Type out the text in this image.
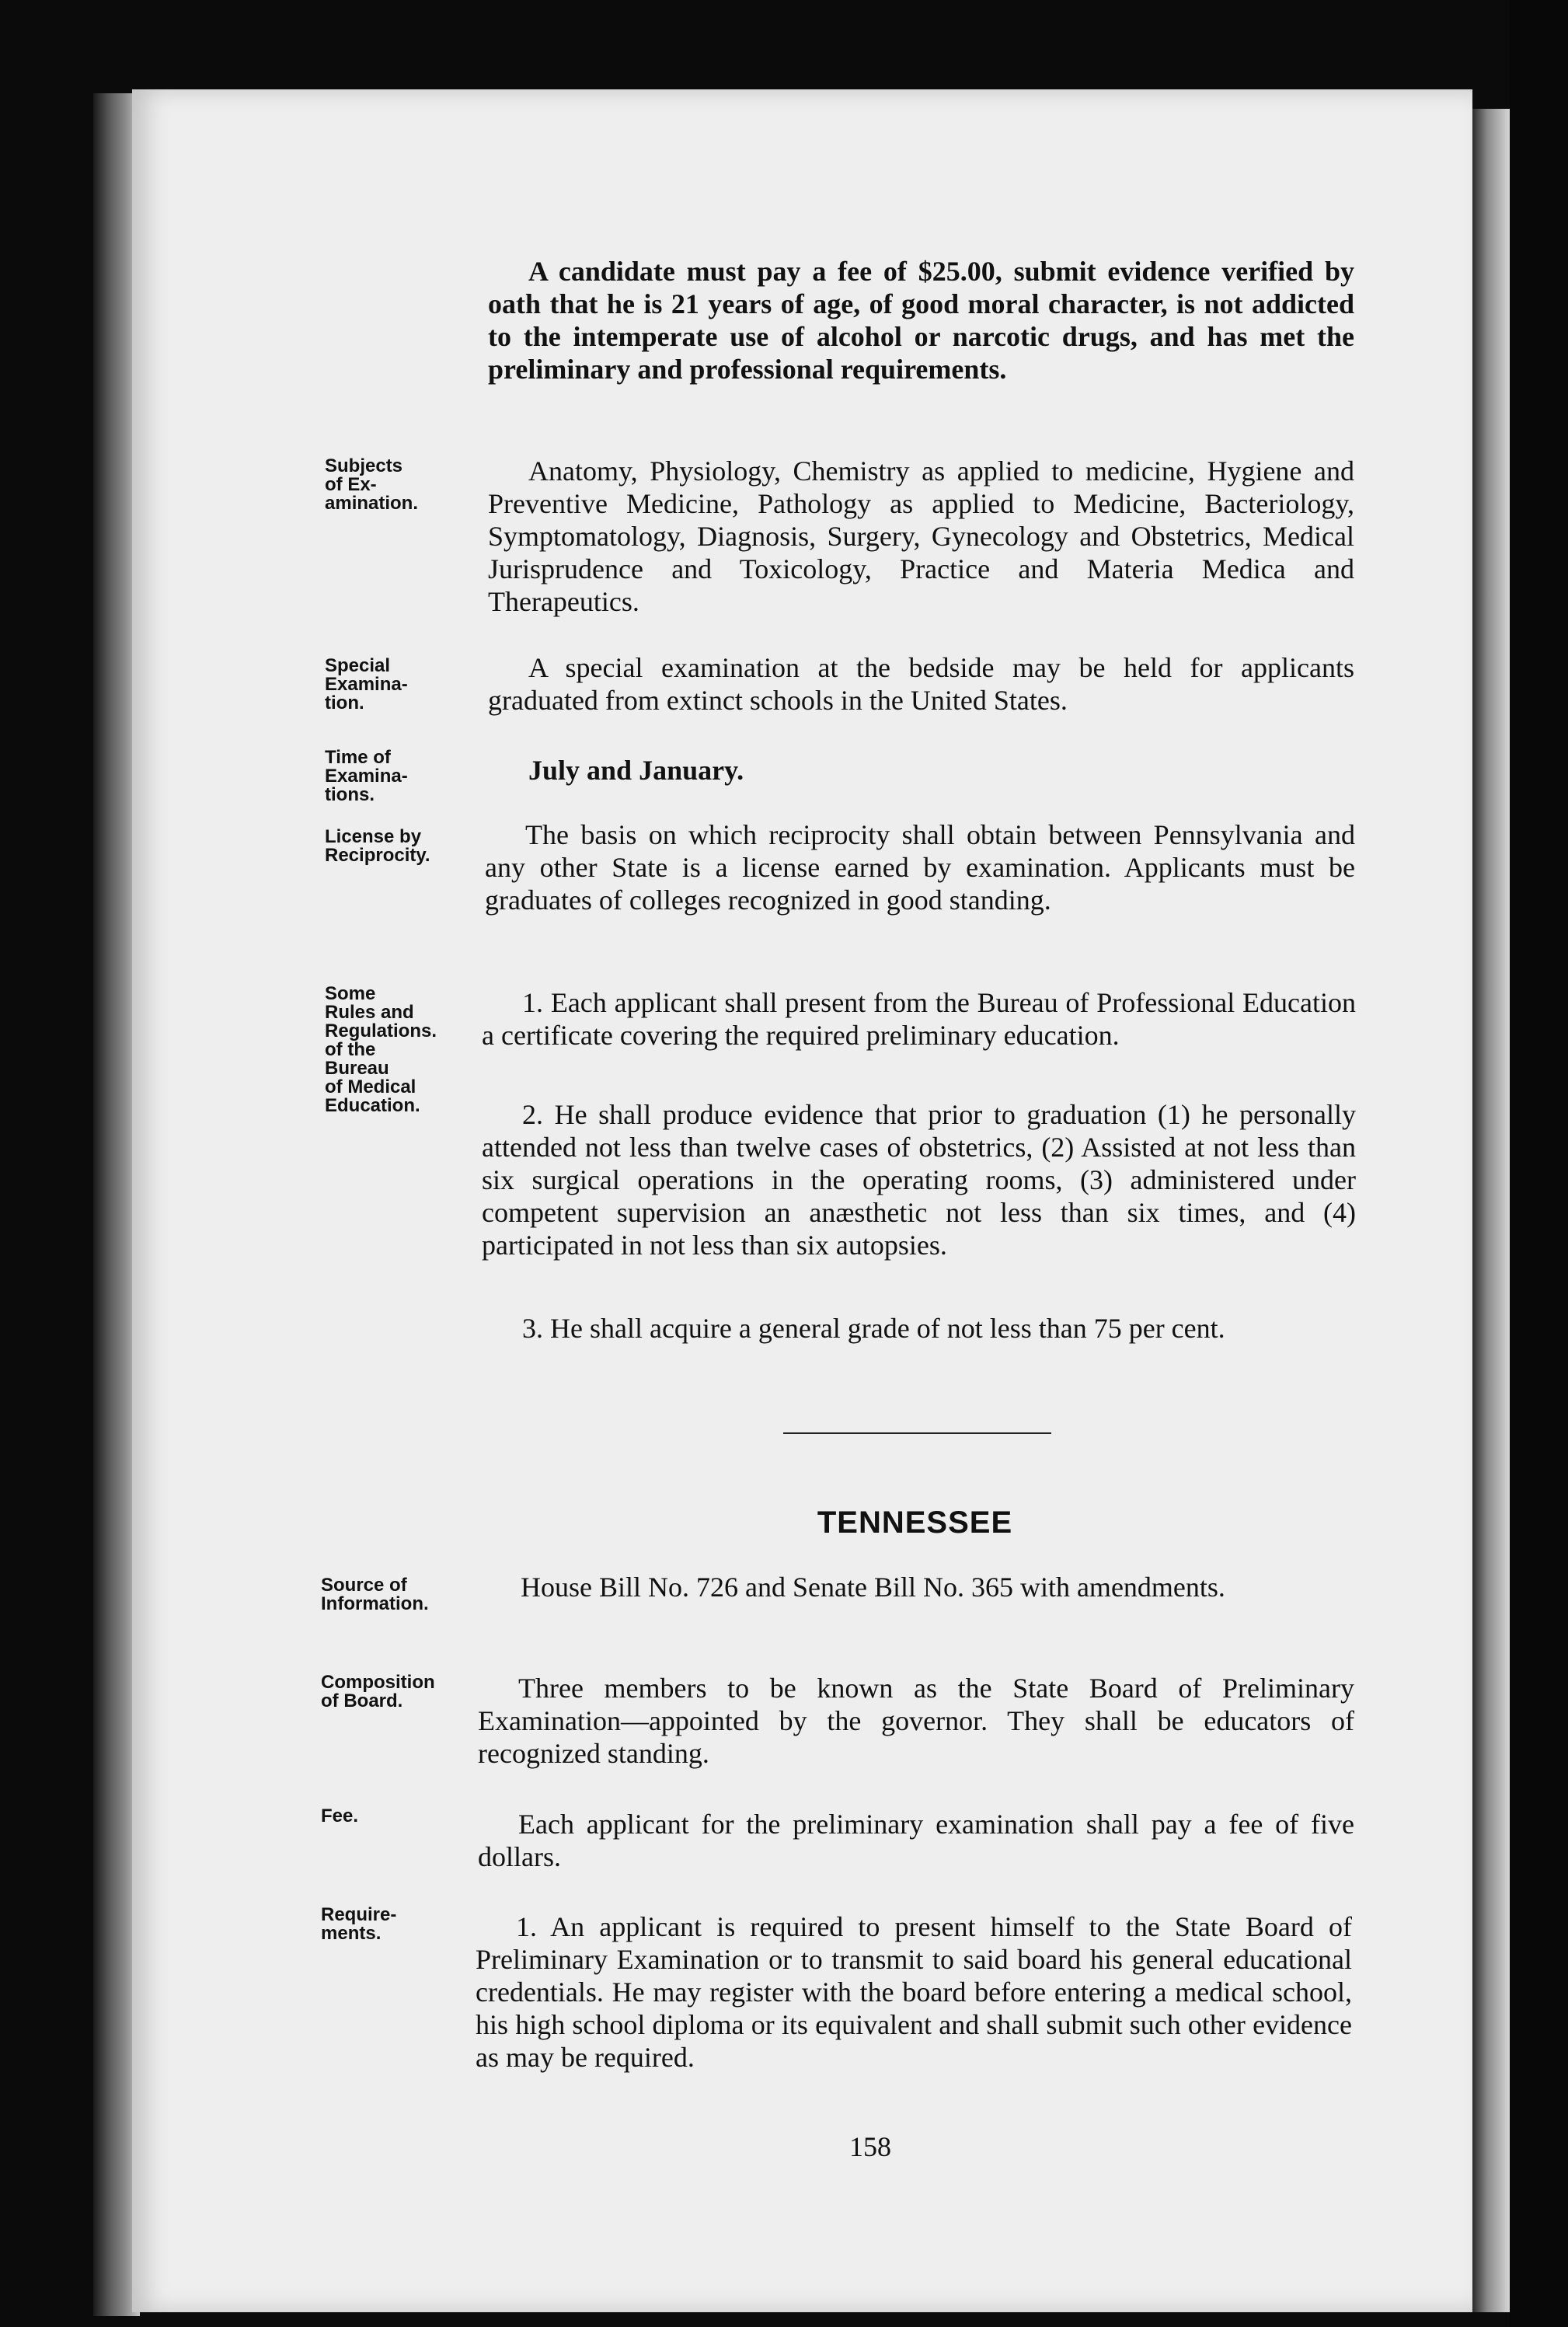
A candidate must pay a fee of $25.00, submit evidence verified by oath that he is 21 years of age, of good moral character, is not addicted to the intemperate use of alcohol or narcotic drugs, and has met the preliminary and professional requirements.
Subjects
of Ex-
amination.
Anatomy, Physiology, Chemistry as applied to medicine, Hygiene and Preventive Medicine, Pathology as applied to Medicine, Bacteriology, Symptomatology, Diagnosis, Surgery, Gynecology and Obstetrics, Medical Jurisprudence and Toxicology, Practice and Materia Medica and Therapeutics.
Special
Examina-
tion.
A special examination at the bedside may be held for applicants graduated from extinct schools in the United States.
Time of
Examina-
tions.
July and January.
License by
Reciprocity.
The basis on which reciprocity shall obtain between Pennsylvania and any other State is a license earned by examination. Applicants must be graduates of colleges recognized in good standing.
Some
Rules and
Regulations.
of the
Bureau
of Medical
Education.
1. Each applicant shall present from the Bureau of Professional Education a certificate covering the required preliminary education.
2. He shall produce evidence that prior to graduation (1) he personally attended not less than twelve cases of obstetrics, (2) Assisted at not less than six surgical operations in the operating rooms, (3) administered under competent supervision an anæsthetic not less than six times, and (4) participated in not less than six autopsies.
3. He shall acquire a general grade of not less than 75 per cent.
TENNESSEE
Source of
Information.
House Bill No. 726 and Senate Bill No. 365 with amendments.
Composition
of Board.	Three members to be known as the State Board of Preliminary Examination—appointed by the governor. They shall be educators of recognized standing.
Fee.	Each applicant for the preliminary examination shall pay a fee of five dollars.
Require-
ments.	1. An applicant is required to present himself to the State Board of Preliminary Examination or to transmit to said board his general educational credentials. He may register with the board before entering a medical school, his high school diploma or its equivalent and shall submit such other evidence as may be required.
158
